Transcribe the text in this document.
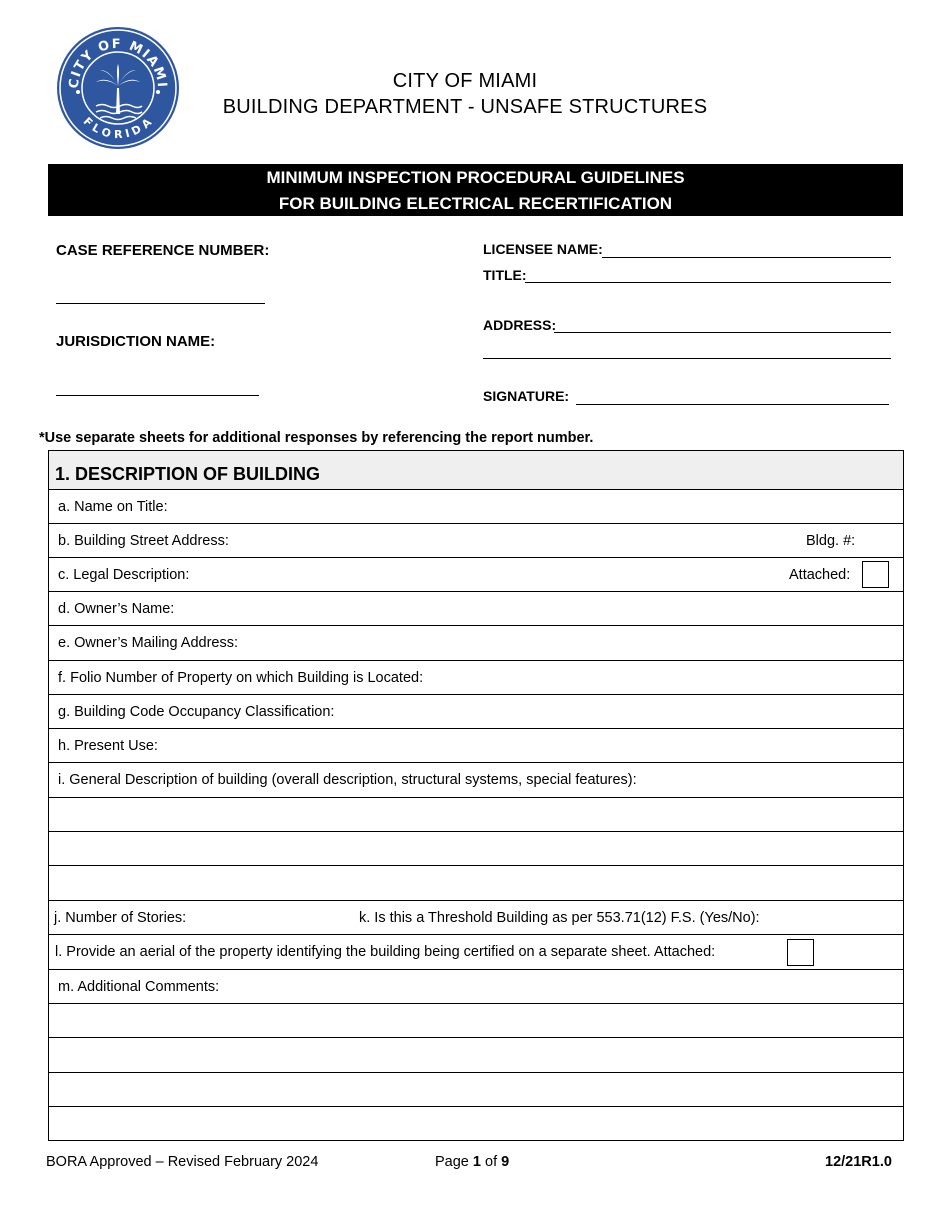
CITY OF MIAMI
FLORIDA
CITY OF MIAMI
BUILDING DEPARTMENT - UNSAFE STRUCTURES
MINIMUM INSPECTION PROCEDURAL GUIDELINES
FOR BUILDING ELECTRICAL RECERTIFICATION
CASE REFERENCE NUMBER:
JURISDICTION NAME:
LICENSEE NAME:
TITLE:
ADDRESS:
SIGNATURE:
*Use separate sheets for additional responses by referencing the report number.
1. DESCRIPTION OF BUILDING
a. Name on Title:
b. Building Street Address:	Bldg. #:
c. Legal Description:	Attached:
d. Owner’s Name:
e. Owner’s Mailing Address:
f. Folio Number of Property on which Building is Located:
g. Building Code Occupancy Classification:
h. Present Use:
i. General Description of building (overall description, structural systems, special features):
j. Number of Stories:	k. Is this a Threshold Building as per 553.71(12) F.S. (Yes/No):
l. Provide an aerial of the property identifying the building being certified on a separate sheet. Attached:
m. Additional Comments:
BORA Approved – Revised February 2024	Page 1 of 9	12/21R1.0
